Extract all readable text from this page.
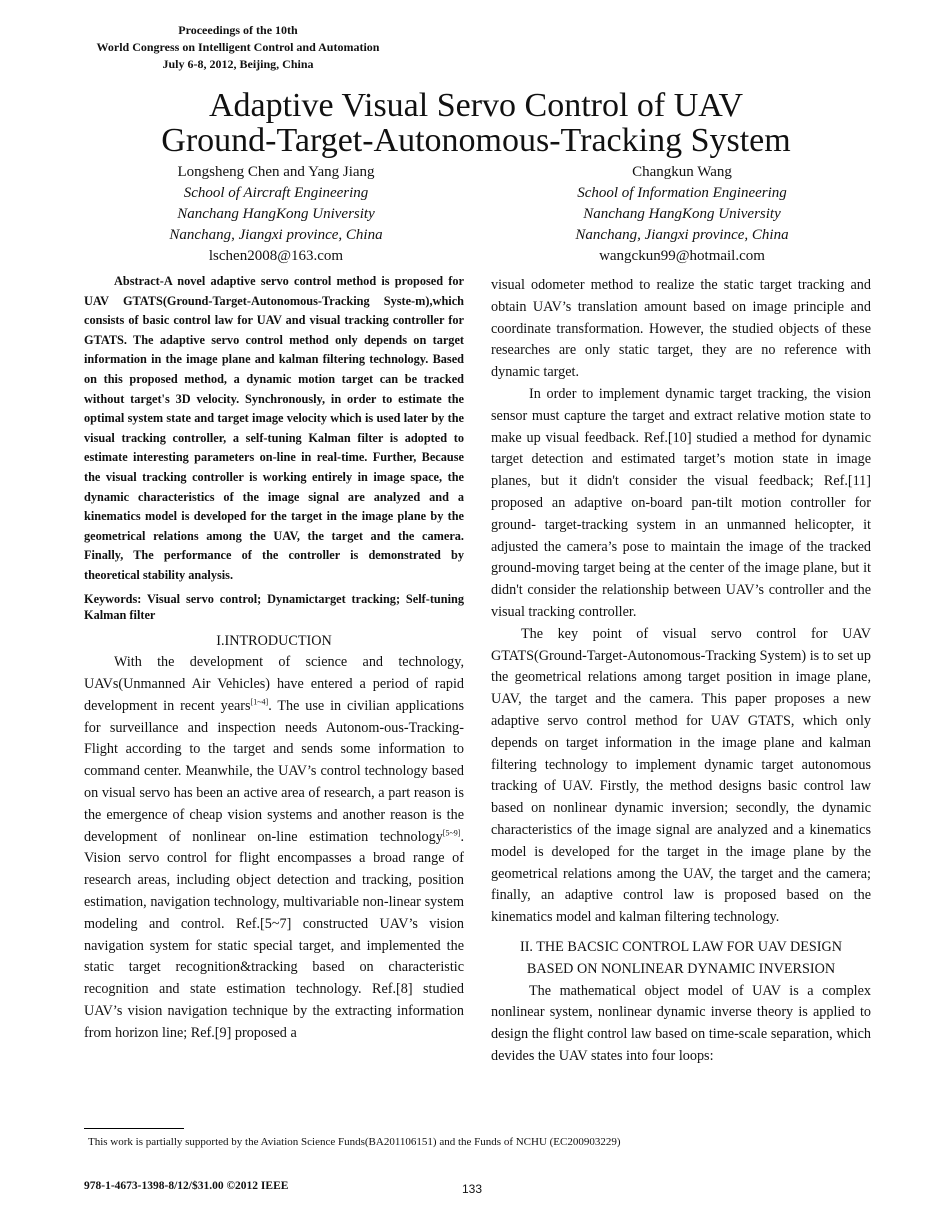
Proceedings of the 10th
World Congress on Intelligent Control and Automation
July 6-8, 2012, Beijing, China
Adaptive Visual Servo Control of UAV
Ground-Target-Autonomous-Tracking System
Longsheng Chen and Yang Jiang
School of Aircraft Engineering
Nanchang HangKong University
Nanchang, Jiangxi province, China
lschen2008@163.com
Changkun Wang
School of Information Engineering
Nanchang HangKong University
Nanchang, Jiangxi province, China
wangckun99@hotmail.com

Abstract-A novel adaptive servo control method is proposed for UAV GTATS(Ground-Target-Autonomous-Tracking Syste-m),which consists of basic control law for UAV and visual tracking controller for GTATS. The adaptive servo control method only depends on target information in the image plane and kalman filtering technology. Based on this proposed method, a dynamic motion target can be tracked without target's 3D velocity. Synchronously, in order to estimate the optimal system state and target image velocity which is used later by the visual tracking controller, a self-tuning Kalman filter is adopted to estimate interesting parameters on-line in real-time. Further, Because the visual tracking controller is working entirely in image space, the dynamic characteristics of the image signal are analyzed and a kinematics model is developed for the target in the image plane by the geometrical relations among the UAV, the target and the camera. Finally, The performance of the controller is demonstrated by theoretical stability analysis.

Keywords: Visual servo control; Dynamictarget tracking; Self-tuning Kalman filter

I.INTRODUCTION

With the development of science and technology, UAVs(Unmanned Air Vehicles) have entered a period of rapid development in recent years[1~4]. The use in civilian applications for surveillance and inspection needs Autonom-ous-Tracking-Flight according to the target and sends some information to command center. Meanwhile, the UAV’s control technology based on visual servo has been an active area of research, a part reason is the emergence of cheap vision systems and another reason is the development of nonlinear on-line estimation technology[5~9]. Vision servo control for flight encompasses a broad range of research areas, including object detection and tracking, position estimation, navigation technology, multivariable non-linear system modeling and control. Ref.[5~7] constructed UAV’s vision navigation system for static special target, and implemented the static target recognition&tracking based on characteristic recognition and state estimation technology. Ref.[8] studied UAV’s vision navigation technique by the extracting information from horizon line; Ref.[9] proposed a

visual odometer method to realize the static target tracking and obtain UAV’s translation amount based on image principle and coordinate transformation. However, the studied objects of these researches are only static target, they are no reference with dynamic target.

In order to implement dynamic target tracking, the vision sensor must capture the target and extract relative motion state to make up visual feedback. Ref.[10] studied a method for dynamic target detection and estimated target’s motion state in image planes, but it didn't consider the visual feedback; Ref.[11] proposed an adaptive on-board pan-tilt motion controller for ground- target-tracking system in an unmanned helicopter, it adjusted the camera’s pose to maintain the image of the tracked ground-moving target being at the center of the image plane, but it didn't consider the relationship between UAV’s controller and the visual tracking controller.

The key point of visual servo control for UAV GTATS(Ground-Target-Autonomous-Tracking System) is to set up the geometrical relations among target position in image plane, UAV, the target and the camera. This paper proposes a new adaptive servo control method for UAV GTATS, which only depends on target information in the image plane and kalman filtering technology to implement dynamic target autonomous tracking of UAV. Firstly, the method designs basic control law based on nonlinear dynamic inversion; secondly, the dynamic characteristics of the image signal are analyzed and a kinematics model is developed for the target in the image plane by the geometrical relations among the UAV, the target and the camera; finally, an adaptive control law is proposed based on the kinematics model and kalman filtering technology.

II. THE BACSIC CONTROL LAW FOR UAV DESIGN
BASED ON NONLINEAR DYNAMIC INVERSION

The mathematical object model of UAV is a complex nonlinear system, nonlinear dynamic inverse theory is applied to design the flight control law based on time-scale separation, which devides the UAV states into four loops:

This work is partially supported by the Aviation Science Funds(BA201106151) and the Funds of NCHU (EC200903229)
978-1-4673-1398-8/12/$31.00 ©2012 IEEE	133
